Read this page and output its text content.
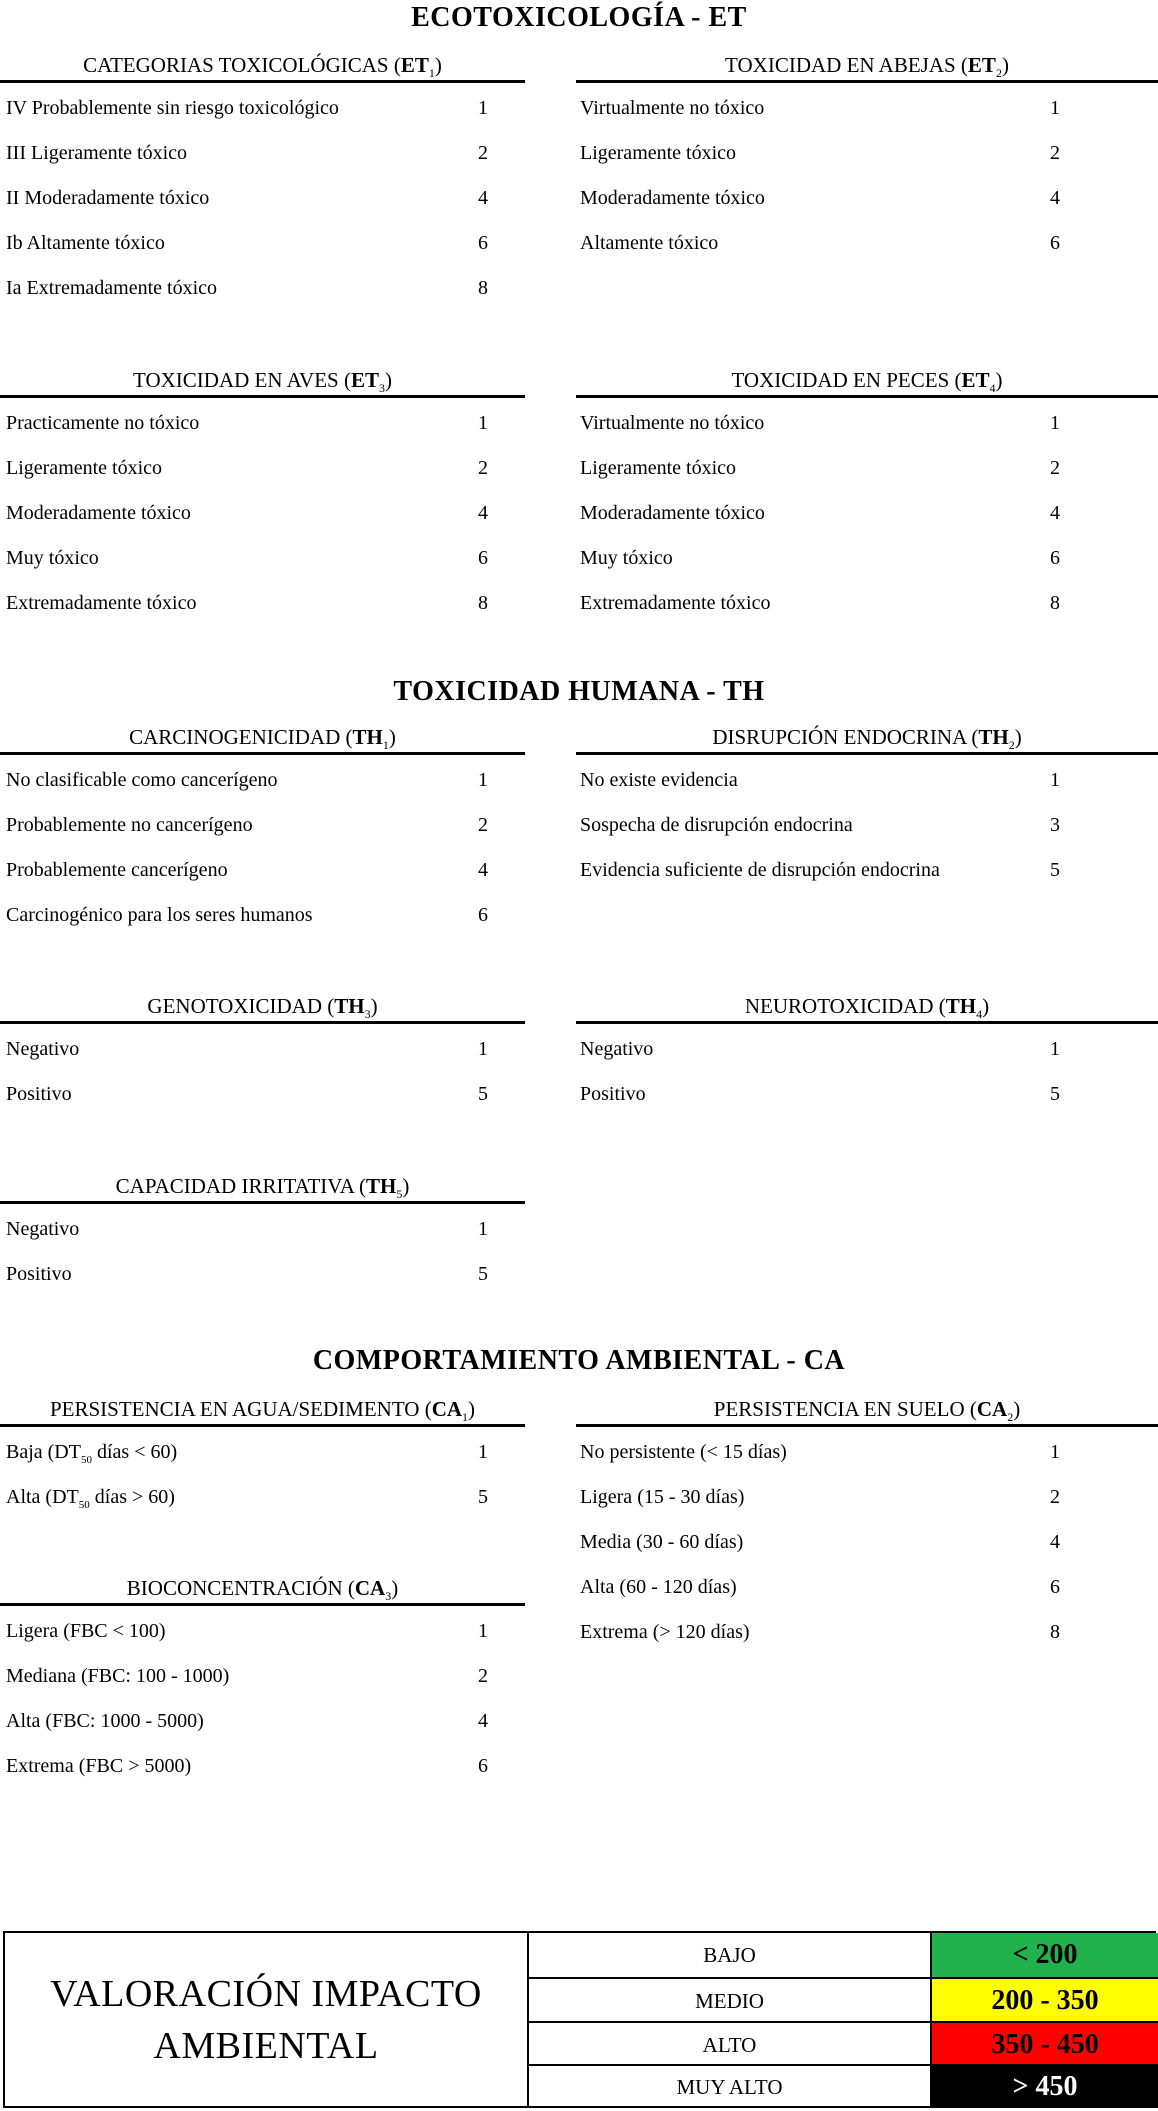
ECOTOXICOLOGÍA - ET
TOXICIDAD HUMANA - TH
COMPORTAMIENTO AMBIENTAL - CA
CATEGORIAS TOXICOLÓGICAS $(ET_1)$
IV Probablemente sin riesgo toxicológico	1
III Ligeramente tóxico	2
II Moderadamente tóxico	4
Ib Altamente tóxico	6
Ia Extremadamente tóxico	8
TOXICIDAD EN ABEJAS $(ET_2)$
Virtualmente no tóxico	1
Ligeramente tóxico	2
Moderadamente tóxico	4
Altamente tóxico	6
TOXICIDAD EN AVES $(ET_3)$
Practicamente no tóxico	1
Ligeramente tóxico	2
Moderadamente tóxico	4
Muy tóxico	6
Extremadamente tóxico	8
TOXICIDAD EN PECES $(ET_4)$
Virtualmente no tóxico	1
Ligeramente tóxico	2
Moderadamente tóxico	4
Muy tóxico	6
Extremadamente tóxico	8
CARCINOGENICIDAD $(TH_1)$
No clasificable como cancerígeno	1
Probablemente no cancerígeno	2
Probablemente cancerígeno	4
Carcinogénico para los seres humanos	6
DISRUPCIÓN ENDOCRINA $(TH_2)$
No existe evidencia	1
Sospecha de disrupción endocrina	3
Evidencia suficiente de disrupción endocrina	5
GENOTOXICIDAD $(TH_3)$
Negativo	1
Positivo	5
NEUROTOXICIDAD $(TH_4)$
Negativo	1
Positivo	5
CAPACIDAD IRRITATIVA $(TH_5)$
Negativo	1
Positivo	5
PERSISTENCIA EN AGUA/SEDIMENTO $(CA_1)$
Baja ($DT_{50}$ días < 60)	1
Alta ($DT_{50}$ días > 60)	5
PERSISTENCIA EN SUELO $(CA_2)$
No persistente (< 15 días)	1
Ligera (15 - 30 días)	2
Media (30 - 60 días)	4
Alta (60 - 120 días)	6
Extrema (> 120 días)	8
BIOCONCENTRACIÓN $(CA_3)$
Ligera (FBC < 100)	1
Mediana (FBC: 100 - 1000)	2
Alta (FBC: 1000 - 5000)	4
Extrema (FBC > 5000)	6
VALORACIÓN IMPACTO
AMBIENTAL
BAJO	< 200
MEDIO	200 - 350
ALTO	350 - 450
MUY ALTO	> 450
